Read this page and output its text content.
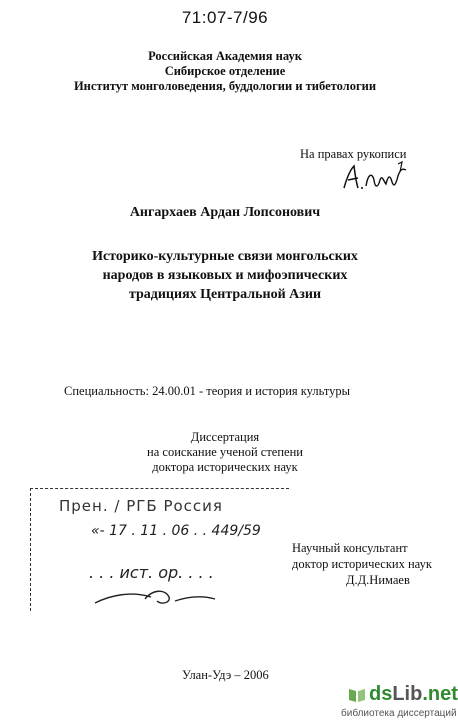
71:07-7/96
Российская Академия наук
Сибирское отделение
Институт монголоведения, буддологии и тибетологии
На правах рукописи
Ангархаев Ардан Лопсонович
Историко-культурные связи монгольских
народов в языковых и мифоэпических
традициях Центральной Азии
Специальность: 24.00.01 - теория и история культуры
Диссертация
на соискание ученой степени
доктора исторических наук
Прен. / РГБ Россия
«- 17 . 11 . 06 . . 449/59
. . . ист. ор. . . .
Научный консультант
доктор исторических наук
Д.Д.Нимаев
Улан-Удэ – 2006
dsLib.net
библиотека диссертаций
